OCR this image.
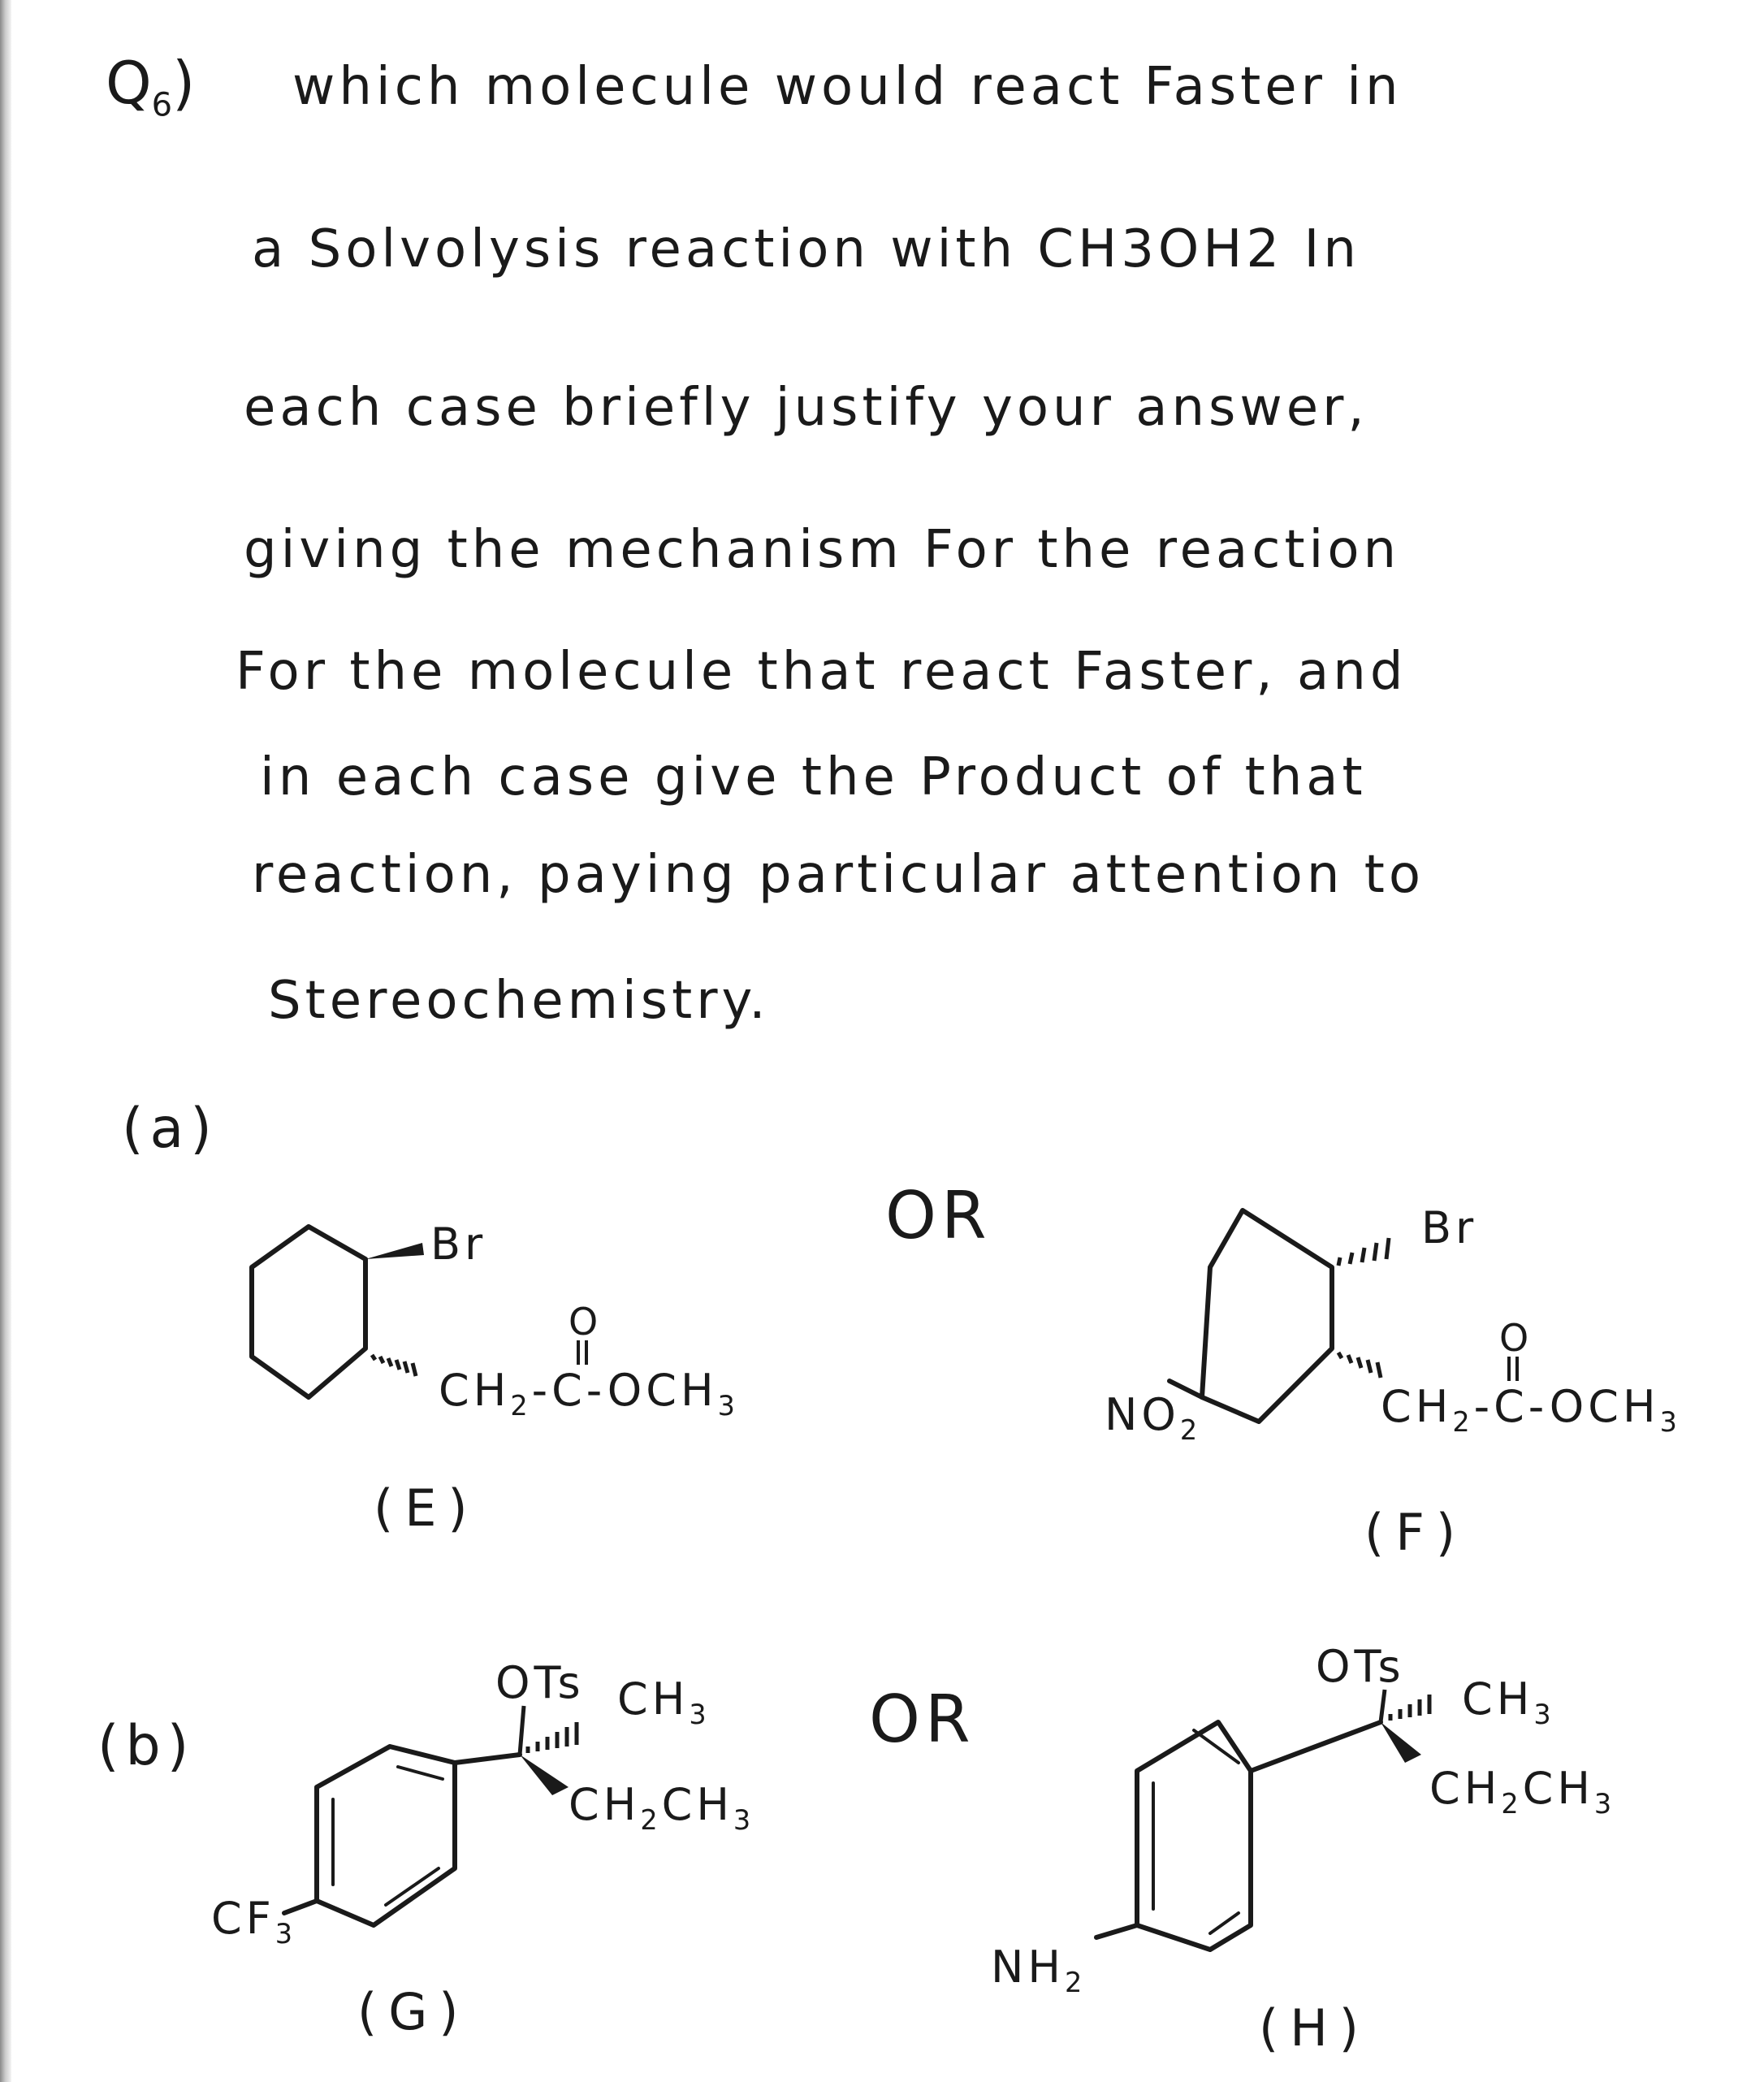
$Q_6$) which molecule would react Faster in
a Solvolysis reaction with CH3OH2 In
each case briefly justify your answer,
giving the mechanism For the reaction
For the molecule that react Faster, and
in each case give the Product of that
reaction, paying particular attention to
Stereochemistry.
(a)
(b)
OR
OR
Br
O
$CH_2-C-OCH_3$
(E)
Br
$NO_2$
O
$CH_2-C-OCH_3$
(F)
OTs $CH_3$
$CH_2CH_3$
$CF_3$
(G)
OTs
$CH_3$
$CH_2CH_3$
$NH_2$
(H)
